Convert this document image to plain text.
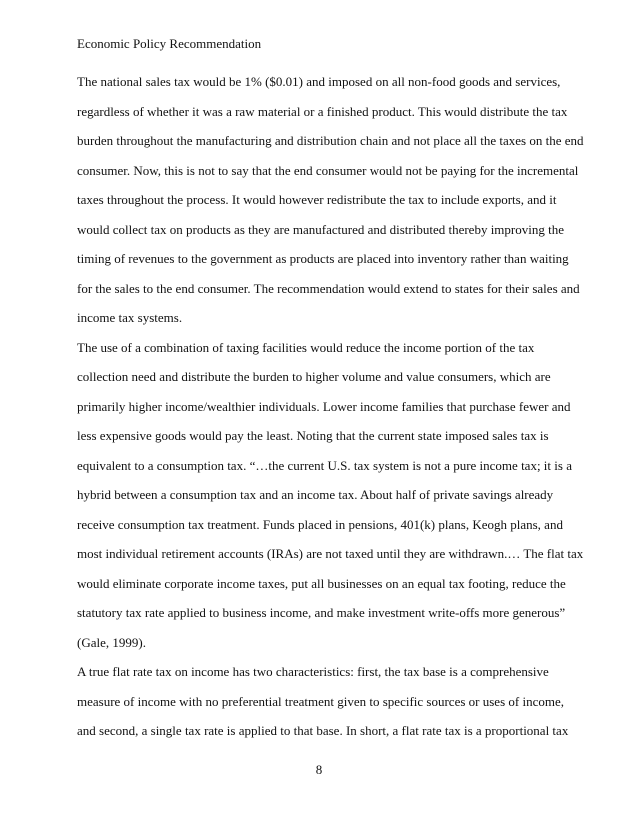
Economic Policy Recommendation
The national sales tax would be 1% ($0.01) and imposed on all non-food goods and services,
regardless of whether it was a raw material or a finished product. This would distribute the tax
burden throughout the manufacturing and distribution chain and not place all the taxes on the end
consumer. Now, this is not to say that the end consumer would not be paying for the incremental
taxes throughout the process. It would however redistribute the tax to include exports, and it
would collect tax on products as they are manufactured and distributed thereby improving the
timing of revenues to the government as products are placed into inventory rather than waiting
for the sales to the end consumer. The recommendation would extend to states for their sales and
income tax systems.
The use of a combination of taxing facilities would reduce the income portion of the tax
collection need and distribute the burden to higher volume and value consumers, which are
primarily higher income/wealthier individuals. Lower income families that purchase fewer and
less expensive goods would pay the least. Noting that the current state imposed sales tax is
equivalent to a consumption tax. “…the current U.S. tax system is not a pure income tax; it is a
hybrid between a consumption tax and an income tax. About half of private savings already
receive consumption tax treatment. Funds placed in pensions, 401(k) plans, Keogh plans, and
most individual retirement accounts (IRAs) are not taxed until they are withdrawn.… The flat tax
would eliminate corporate income taxes, put all businesses on an equal tax footing, reduce the
statutory tax rate applied to business income, and make investment write-offs more generous”
(Gale, 1999).
A true flat rate tax on income has two characteristics: first, the tax base is a comprehensive
measure of income with no preferential treatment given to specific sources or uses of income,
and second, a single tax rate is applied to that base. In short, a flat rate tax is a proportional tax
8
